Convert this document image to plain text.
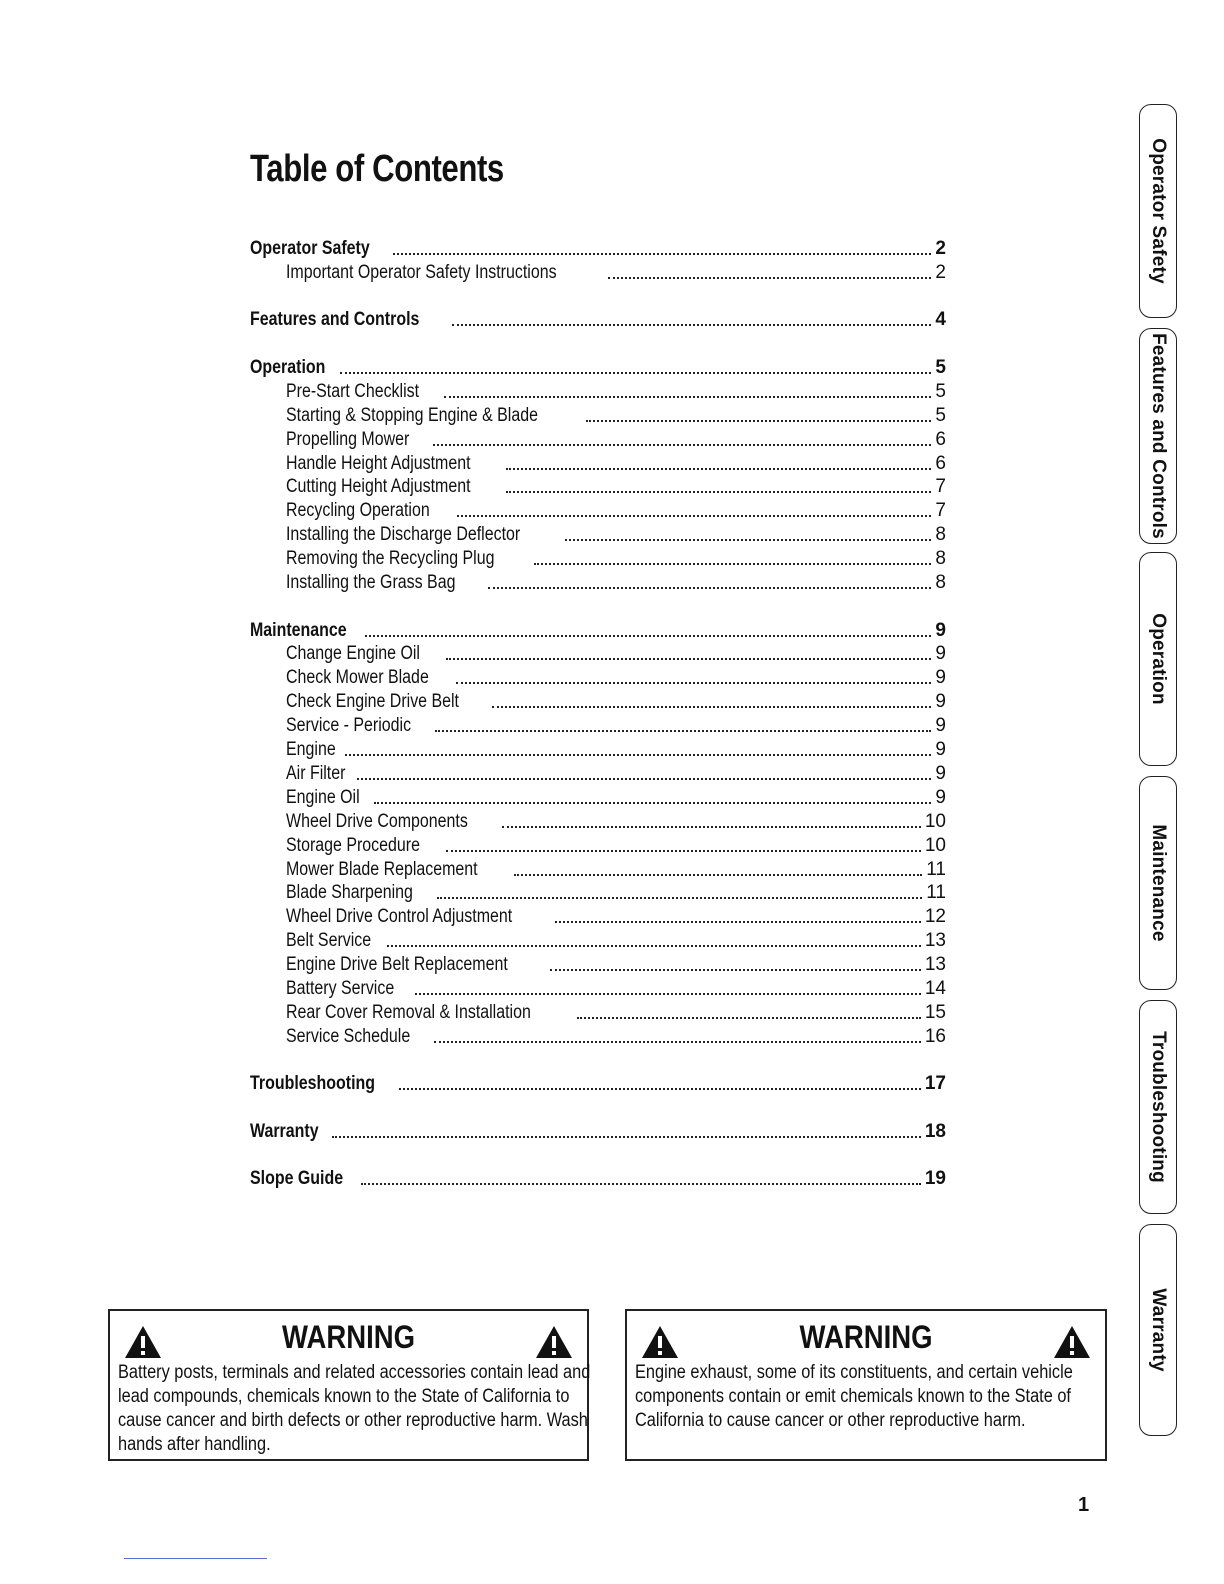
Table of Contents
Operator Safety	2
Important Operator Safety Instructions	2
Features and Controls	4
Operation	5
Pre-Start Checklist	5
Starting & Stopping Engine & Blade	5
Propelling Mower	6
Handle Height Adjustment	6
Cutting Height Adjustment	7
Recycling Operation	7
Installing the Discharge Deflector	8
Removing the Recycling Plug	8
Installing the Grass Bag	8
Maintenance	9
Change Engine Oil	9
Check Mower Blade	9
Check Engine Drive Belt	9
Service - Periodic	9
Engine	9
Air Filter	9
Engine Oil	9
Wheel Drive Components	10
Storage Procedure	10
Mower Blade Replacement	11
Blade Sharpening	11
Wheel Drive Control Adjustment	12
Belt Service	13
Engine Drive Belt Replacement	13
Battery Service	14
Rear Cover Removal & Installation	15
Service Schedule	16
Troubleshooting	17
Warranty	18
Slope Guide	19
Operator Safety
Features and Controls
Operation
Maintenance
Troubleshooting
Warranty
WARNING
Battery posts, terminals and related accessories contain lead and lead compounds, chemicals known to the State of California to cause cancer and birth defects or other reproductive harm. Wash hands after handling.
WARNING
Engine exhaust, some of its constituents, and certain vehicle components contain or emit chemicals known to the State of California to cause cancer or other reproductive harm.
1
